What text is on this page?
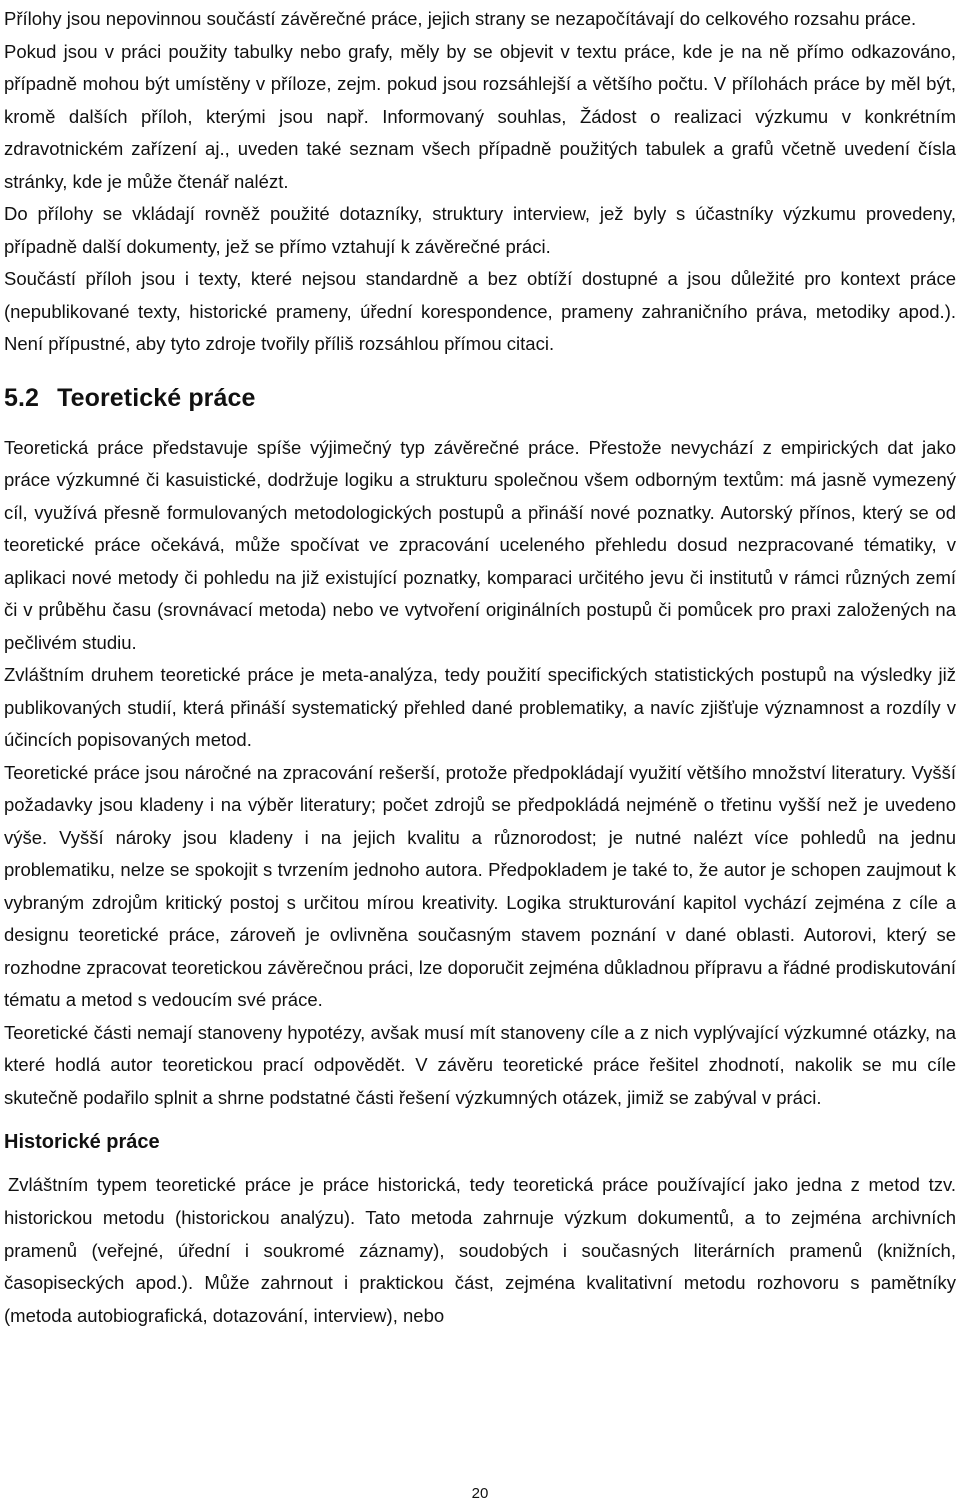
Přílohy jsou nepovinnou součástí závěrečné práce, jejich strany se nezapočítávají do celkového rozsahu práce.

Pokud jsou v práci použity tabulky nebo grafy, měly by se objevit v textu práce, kde je na ně přímo odkazováno, případně mohou být umístěny v příloze, zejm. pokud jsou rozsáhlejší a většího počtu. V přílohách práce by měl být, kromě dalších příloh, kterými jsou např. Informovaný souhlas, Žádost o realizaci výzkumu v konkrétním zdravotnickém zařízení aj., uveden také seznam všech případně použitých tabulek a grafů včetně uvedení čísla stránky, kde je může čtenář nalézt.

Do přílohy se vkládají rovněž použité dotazníky, struktury interview, jež byly s účastníky výzkumu provedeny, případně další dokumenty, jež se přímo vztahují k závěrečné práci.

Součástí příloh jsou i texty, které nejsou standardně a bez obtíží dostupné a jsou důležité pro kontext práce (nepublikované texty, historické prameny, úřední korespondence, prameny zahraničního práva, metodiky apod.). Není přípustné, aby tyto zdroje tvořily příliš rozsáhlou přímou citaci.

5.2 Teoretické práce

Teoretická práce představuje spíše výjimečný typ závěrečné práce. Přestože nevychází z empirických dat jako práce výzkumné či kasuistické, dodržuje logiku a strukturu společnou všem odborným textům: má jasně vymezený cíl, využívá přesně formulovaných metodologických postupů a přináší nové poznatky. Autorský přínos, který se od teoretické práce očekává, může spočívat ve zpracování uceleného přehledu dosud nezpracované tématiky, v aplikaci nové metody či pohledu na již existující poznatky, komparaci určitého jevu či institutů v rámci různých zemí či v průběhu času (srovnávací metoda) nebo ve vytvoření originálních postupů či pomůcek pro praxi založených na pečlivém studiu.

Zvláštním druhem teoretické práce je meta-analýza, tedy použití specifických statistických postupů na výsledky již publikovaných studií, která přináší systematický přehled dané problematiky, a navíc zjišťuje významnost a rozdíly v účincích popisovaných metod.

Teoretické práce jsou náročné na zpracování rešerší, protože předpokládají využití většího množství literatury. Vyšší požadavky jsou kladeny i na výběr literatury; počet zdrojů se předpokládá nejméně o třetinu vyšší než je uvedeno výše. Vyšší nároky jsou kladeny i na jejich kvalitu a různorodost; je nutné nalézt více pohledů na jednu problematiku, nelze se spokojit s tvrzením jednoho autora. Předpokladem je také to, že autor je schopen zaujmout k vybraným zdrojům kritický postoj s určitou mírou kreativity. Logika strukturování kapitol vychází zejména z cíle a designu teoretické práce, zároveň je ovlivněna současným stavem poznání v dané oblasti. Autorovi, který se rozhodne zpracovat teoretickou závěrečnou práci, lze doporučit zejména důkladnou přípravu a řádné prodiskutování tématu a metod s vedoucím své práce.

Teoretické části nemají stanoveny hypotézy, avšak musí mít stanoveny cíle a z nich vyplývající výzkumné otázky, na které hodlá autor teoretickou prací odpovědět. V závěru teoretické práce řešitel zhodnotí, nakolik se mu cíle skutečně podařilo splnit a shrne podstatné části řešení výzkumných otázek, jimiž se zabýval v práci.

Historické práce

Zvláštním typem teoretické práce je práce historická, tedy teoretická práce používající jako jedna z metod tzv. historickou metodu (historickou analýzu). Tato metoda zahrnuje výzkum dokumentů, a to zejména archivních pramenů (veřejné, úřední i soukromé záznamy), soudobých i současných literárních pramenů (knižních, časopiseckých apod.). Může zahrnout i praktickou část, zejména kvalitativní metodu rozhovoru s pamětníky (metoda autobiografická, dotazování, interview), nebo

20
